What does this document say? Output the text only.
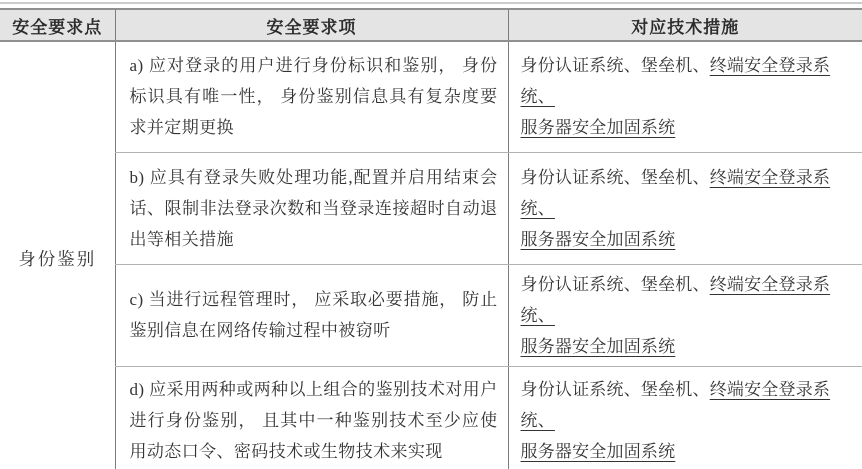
安全要求点	安全要求项	对应技术措施
身份鉴别	a) 应对登录的用户进行身份标识和鉴别， 身份标识具有唯一性， 身份鉴别信息具有复杂度要求并定期更换	身份认证系统、堡垒机、终端安全登录系统、
服务器安全加固系统
	b) 应具有登录失败处理功能,配置并启用结束会话、限制非法登录次数和当登录连接超时自动退出等相关措施	身份认证系统、堡垒机、终端安全登录系统、
服务器安全加固系统
	c) 当进行远程管理时， 应采取必要措施， 防止鉴别信息在网络传输过程中被窃听	身份认证系统、堡垒机、终端安全登录系统、
服务器安全加固系统
	d) 应采用两种或两种以上组合的鉴别技术对用户进行身份鉴别， 且其中一种鉴别技术至少应使用动态口令、密码技术或生物技术来实现	身份认证系统、堡垒机、终端安全登录系统、
服务器安全加固系统
